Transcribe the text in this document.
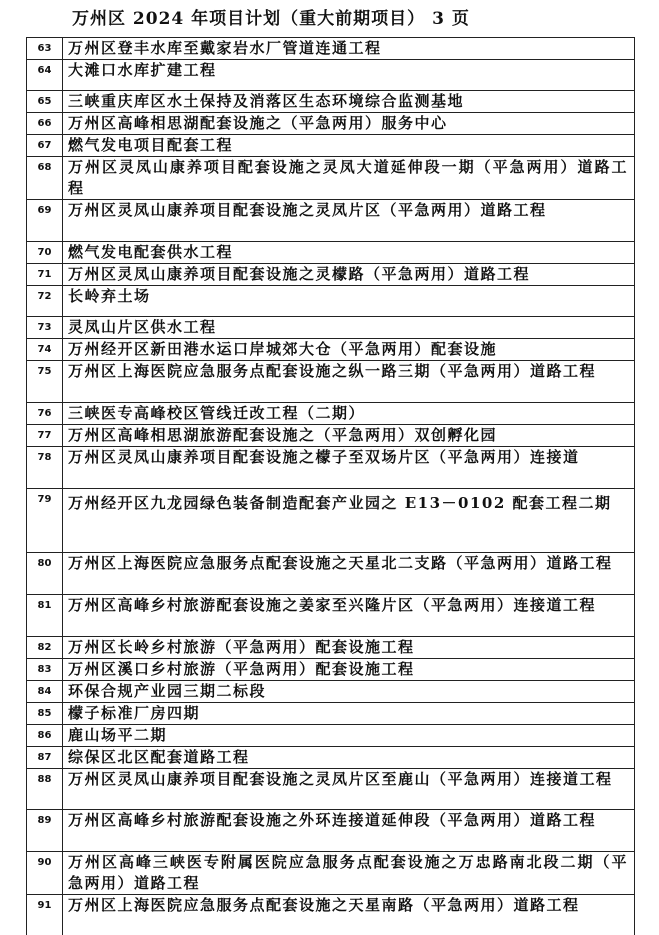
万州区 2024 年项目计划（重大前期项目） 3 页
63	万州区登丰水库至戴家岩水厂管道连通工程
64	大滩口水库扩建工程
65	三峡重庆库区水土保持及消落区生态环境综合监测基地
66	万州区高峰相思湖配套设施之（平急两用）服务中心
67	燃气发电项目配套工程
68	万州区灵凤山康养项目配套设施之灵凤大道延伸段一期（平急两用）道路工程
69	万州区灵凤山康养项目配套设施之灵凤片区（平急两用）道路工程
70	燃气发电配套供水工程
71	万州区灵凤山康养项目配套设施之灵檬路（平急两用）道路工程
72	长岭弃土场
73	灵凤山片区供水工程
74	万州经开区新田港水运口岸城郊大仓（平急两用）配套设施
75	万州区上海医院应急服务点配套设施之纵一路三期（平急两用）道路工程
76	三峡医专高峰校区管线迁改工程（二期）
77	万州区高峰相思湖旅游配套设施之（平急两用）双创孵化园
78	万州区灵凤山康养项目配套设施之檬子至双场片区（平急两用）连接道
79	万州经开区九龙园绿色装备制造配套产业园之 E13－0102 配套工程二期
80	万州区上海医院应急服务点配套设施之天星北二支路（平急两用）道路工程
81	万州区高峰乡村旅游配套设施之姜家至兴隆片区（平急两用）连接道工程
82	万州区长岭乡村旅游（平急两用）配套设施工程
83	万州区溪口乡村旅游（平急两用）配套设施工程
84	环保合规产业园三期二标段
85	檬子标准厂房四期
86	鹿山场平二期
87	综保区北区配套道路工程
88	万州区灵凤山康养项目配套设施之灵凤片区至鹿山（平急两用）连接道工程
89	万州区高峰乡村旅游配套设施之外环连接道延伸段（平急两用）道路工程
90	万州区高峰三峡医专附属医院应急服务点配套设施之万忠路南北段二期（平急两用）道路工程
91	万州区上海医院应急服务点配套设施之天星南路（平急两用）道路工程
